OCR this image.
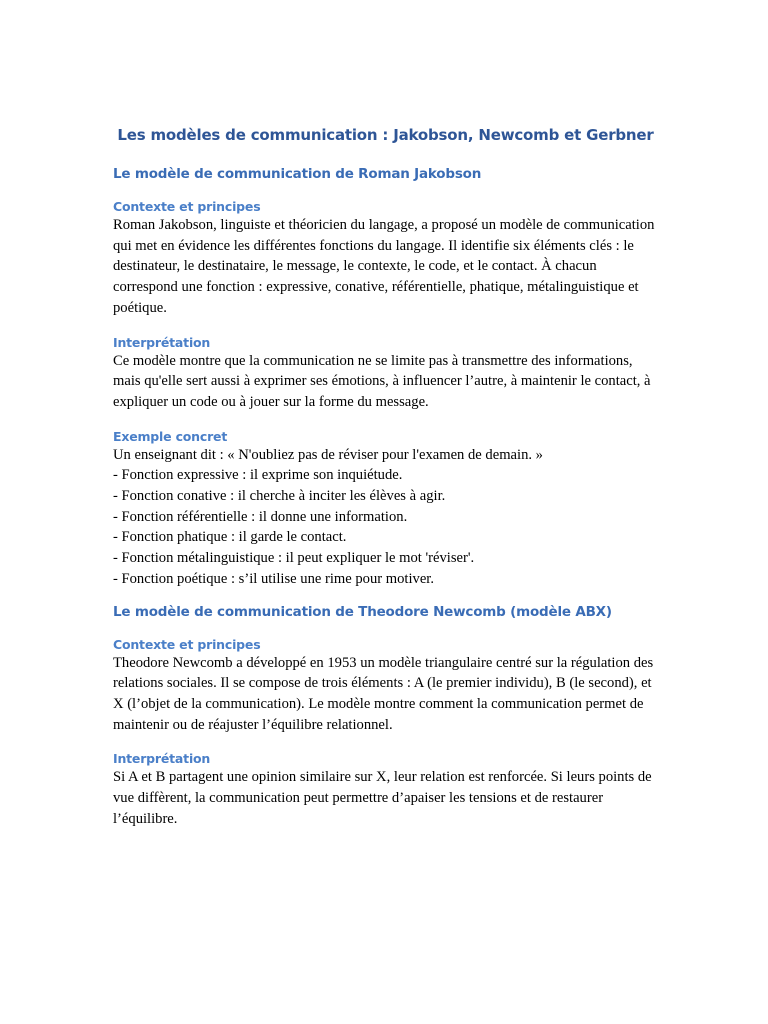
Les modèles de communication : Jakobson, Newcomb et Gerbner
Le modèle de communication de Roman Jakobson
Contexte et principes

Roman Jakobson, linguiste et théoricien du langage, a proposé un modèle de communication qui met en évidence les différentes fonctions du langage. Il identifie six éléments clés : le destinateur, le destinataire, le message, le contexte, le code, et le contact. À chacun correspond une fonction : expressive, conative, référentielle, phatique, métalinguistique et poétique.

Interprétation

Ce modèle montre que la communication ne se limite pas à transmettre des informations, mais qu'elle sert aussi à exprimer ses émotions, à influencer l’autre, à maintenir le contact, à expliquer un code ou à jouer sur la forme du message.

Exemple concret

Un enseignant dit : « N'oubliez pas de réviser pour l'examen de demain. »
- Fonction expressive : il exprime son inquiétude.
- Fonction conative : il cherche à inciter les élèves à agir.
- Fonction référentielle : il donne une information.
- Fonction phatique : il garde le contact.
- Fonction métalinguistique : il peut expliquer le mot 'réviser'.
- Fonction poétique : s’il utilise une rime pour motiver.

Le modèle de communication de Theodore Newcomb (modèle ABX)
Contexte et principes

Theodore Newcomb a développé en 1953 un modèle triangulaire centré sur la régulation des relations sociales. Il se compose de trois éléments : A (le premier individu), B (le second), et X (l’objet de la communication). Le modèle montre comment la communication permet de maintenir ou de réajuster l’équilibre relationnel.

Interprétation

Si A et B partagent une opinion similaire sur X, leur relation est renforcée. Si leurs points de vue diffèrent, la communication peut permettre d’apaiser les tensions et de restaurer l’équilibre.
